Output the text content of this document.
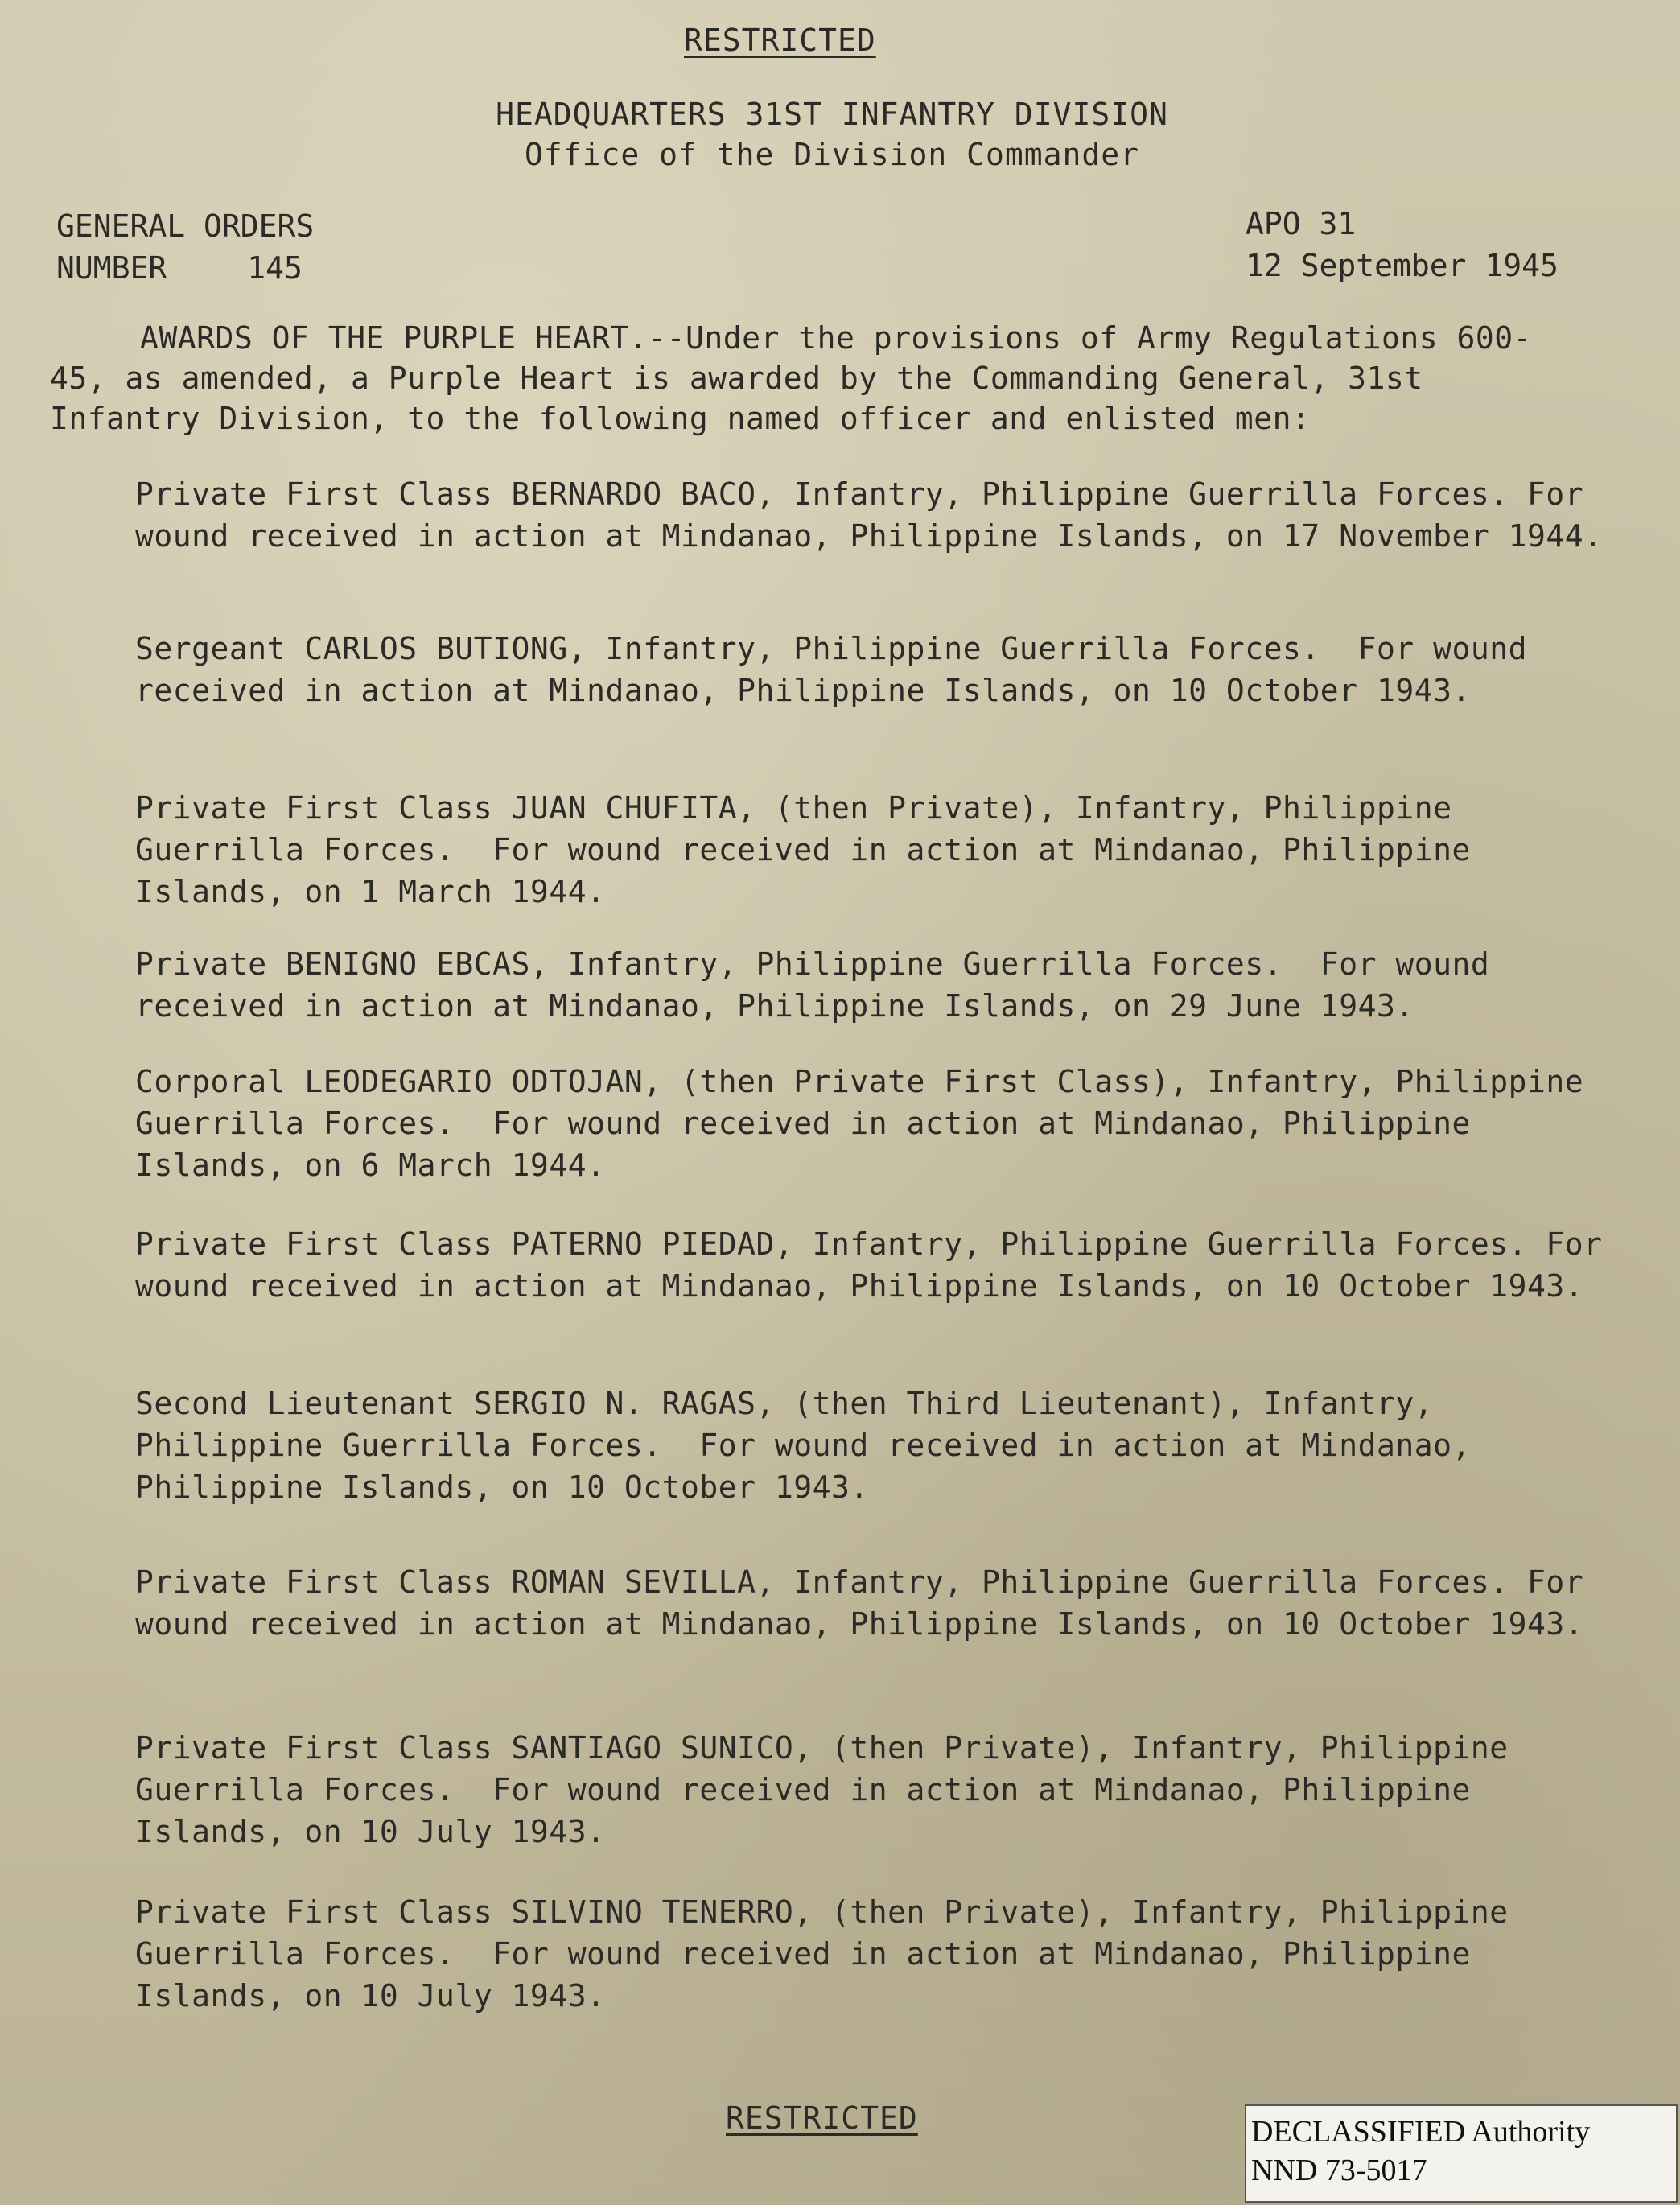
RESTRICTED
HEADQUARTERS 31ST INFANTRY DIVISION
Office of the Division Commander
GENERAL ORDERS
NUMBER	145
APO 31
12 September 1945
AWARDS OF THE PURPLE HEART.--Under the provisions of Army Regulations 600-45, as amended, a Purple Heart is awarded by the Commanding General, 31st Infantry Division, to the following named officer and enlisted men:
Private First Class BERNARDO BACO, Infantry, Philippine Guerrilla Forces. For wound received in action at Mindanao, Philippine Islands, on 17 November 1944.
Sergeant CARLOS BUTIONG, Infantry, Philippine Guerrilla Forces.  For wound received in action at Mindanao, Philippine Islands, on 10 October 1943.
Private First Class JUAN CHUFITA, (then Private), Infantry, Philippine Guerrilla Forces.  For wound received in action at Mindanao, Philippine Islands, on 1 March 1944.
Private BENIGNO EBCAS, Infantry, Philippine Guerrilla Forces.  For wound received in action at Mindanao, Philippine Islands, on 29 June 1943.
Corporal LEODEGARIO ODTOJAN, (then Private First Class), Infantry, Philippine Guerrilla Forces.  For wound received in action at Mindanao, Philippine Islands, on 6 March 1944.
Private First Class PATERNO PIEDAD, Infantry, Philippine Guerrilla Forces. For wound received in action at Mindanao, Philippine Islands, on 10 October 1943.
Second Lieutenant SERGIO N. RAGAS, (then Third Lieutenant), Infantry, Philippine Guerrilla Forces.  For wound received in action at Mindanao, Philippine Islands, on 10 October 1943.
Private First Class ROMAN SEVILLA, Infantry, Philippine Guerrilla Forces. For wound received in action at Mindanao, Philippine Islands, on 10 October 1943.
Private First Class SANTIAGO SUNICO, (then Private), Infantry, Philippine Guerrilla Forces.  For wound received in action at Mindanao, Philippine Islands, on 10 July 1943.
Private First Class SILVINO TENERRO, (then Private), Infantry, Philippine Guerrilla Forces.  For wound received in action at Mindanao, Philippine Islands, on 10 July 1943.
RESTRICTED	DECLASSIFIED Authority
NND 73-5017
